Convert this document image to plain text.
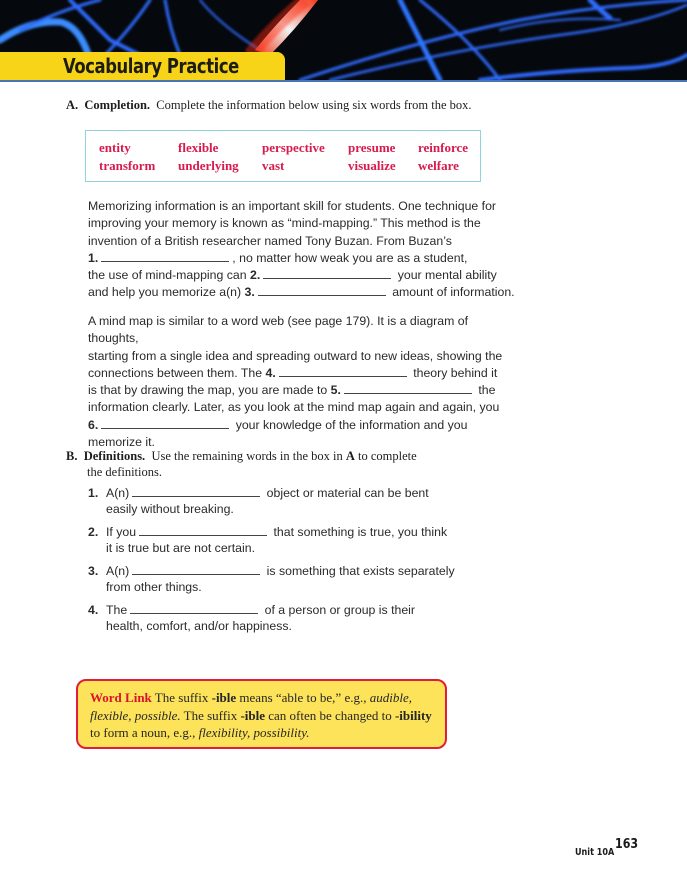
Vocabulary Practice
A. Completion. Complete the information below using six words from the box.
entity	flexible	perspective presume reinforce
transform underlying vast	visualize welfare
Memorizing information is an important skill for students. One technique for
improving your memory is known as “mind-mapping.” This method is the
invention of a British researcher named Tony Buzan. From Buzan’s
1.	, no matter how weak you are as a student,
the use of mind-mapping can 2.	your mental ability
and help you memorize a(n) 3.	amount of information.
A mind map is similar to a word web (see page 179). It is a diagram of thoughts,
starting from a single idea and spreading outward to new ideas, showing the
connections between them. The 4.	theory behind it
is that by drawing the map, you are made to 5.	the
information clearly. Later, as you look at the mind map again and again, you
6.	your knowledge of the information and you
memorize it.
B. Definitions. Use the remaining words in the box in A to complete
the definitions.
1. A(n)	object or material can be bent
easily without breaking.
2. If you	that something is true, you think
it is true but are not certain.
3. A(n)	is something that exists separately
from other things.
4. The	of a person or group is their
health, comfort, and/or happiness.
Word Link The suffix -ible means “able to be,” e.g., audible, flexible, possible. The suffix -ible can often be changed to -ibility to form a noun, e.g., flexibility, possibility.
Unit 10A
163
